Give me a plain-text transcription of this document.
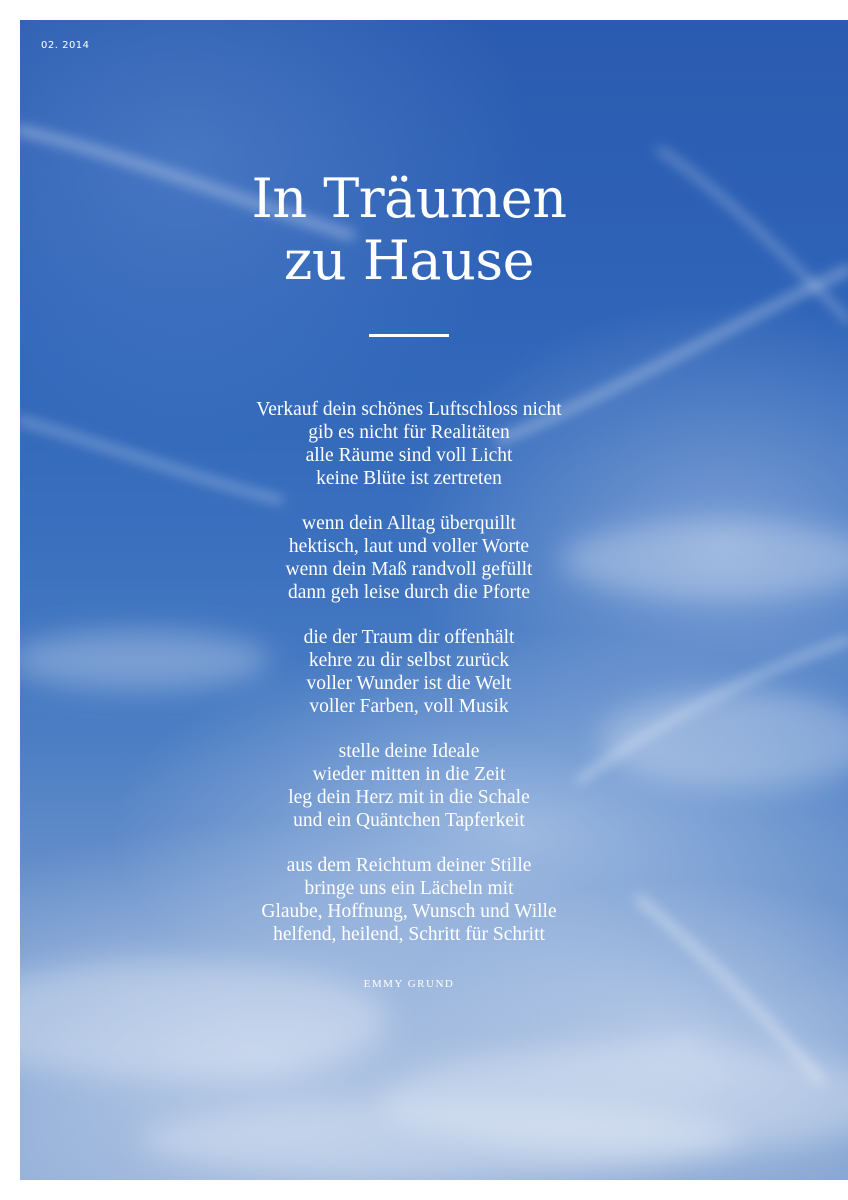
02. 2014
In Träumen
zu Hause
Verkauf dein schönes Luftschloss nicht
gib es nicht für Realitäten
alle Räume sind voll Licht
keine Blüte ist zertreten
wenn dein Alltag überquillt
hektisch, laut und voller Worte
wenn dein Maß randvoll gefüllt
dann geh leise durch die Pforte
die der Traum dir offenhält
kehre zu dir selbst zurück
voller Wunder ist die Welt
voller Farben, voll Musik
stelle deine Ideale
wieder mitten in die Zeit
leg dein Herz mit in die Schale
und ein Quäntchen Tapferkeit
aus dem Reichtum deiner Stille
bringe uns ein Lächeln mit
Glaube, Hoffnung, Wunsch und Wille
helfend, heilend, Schritt für Schritt
EMMY GRUND
